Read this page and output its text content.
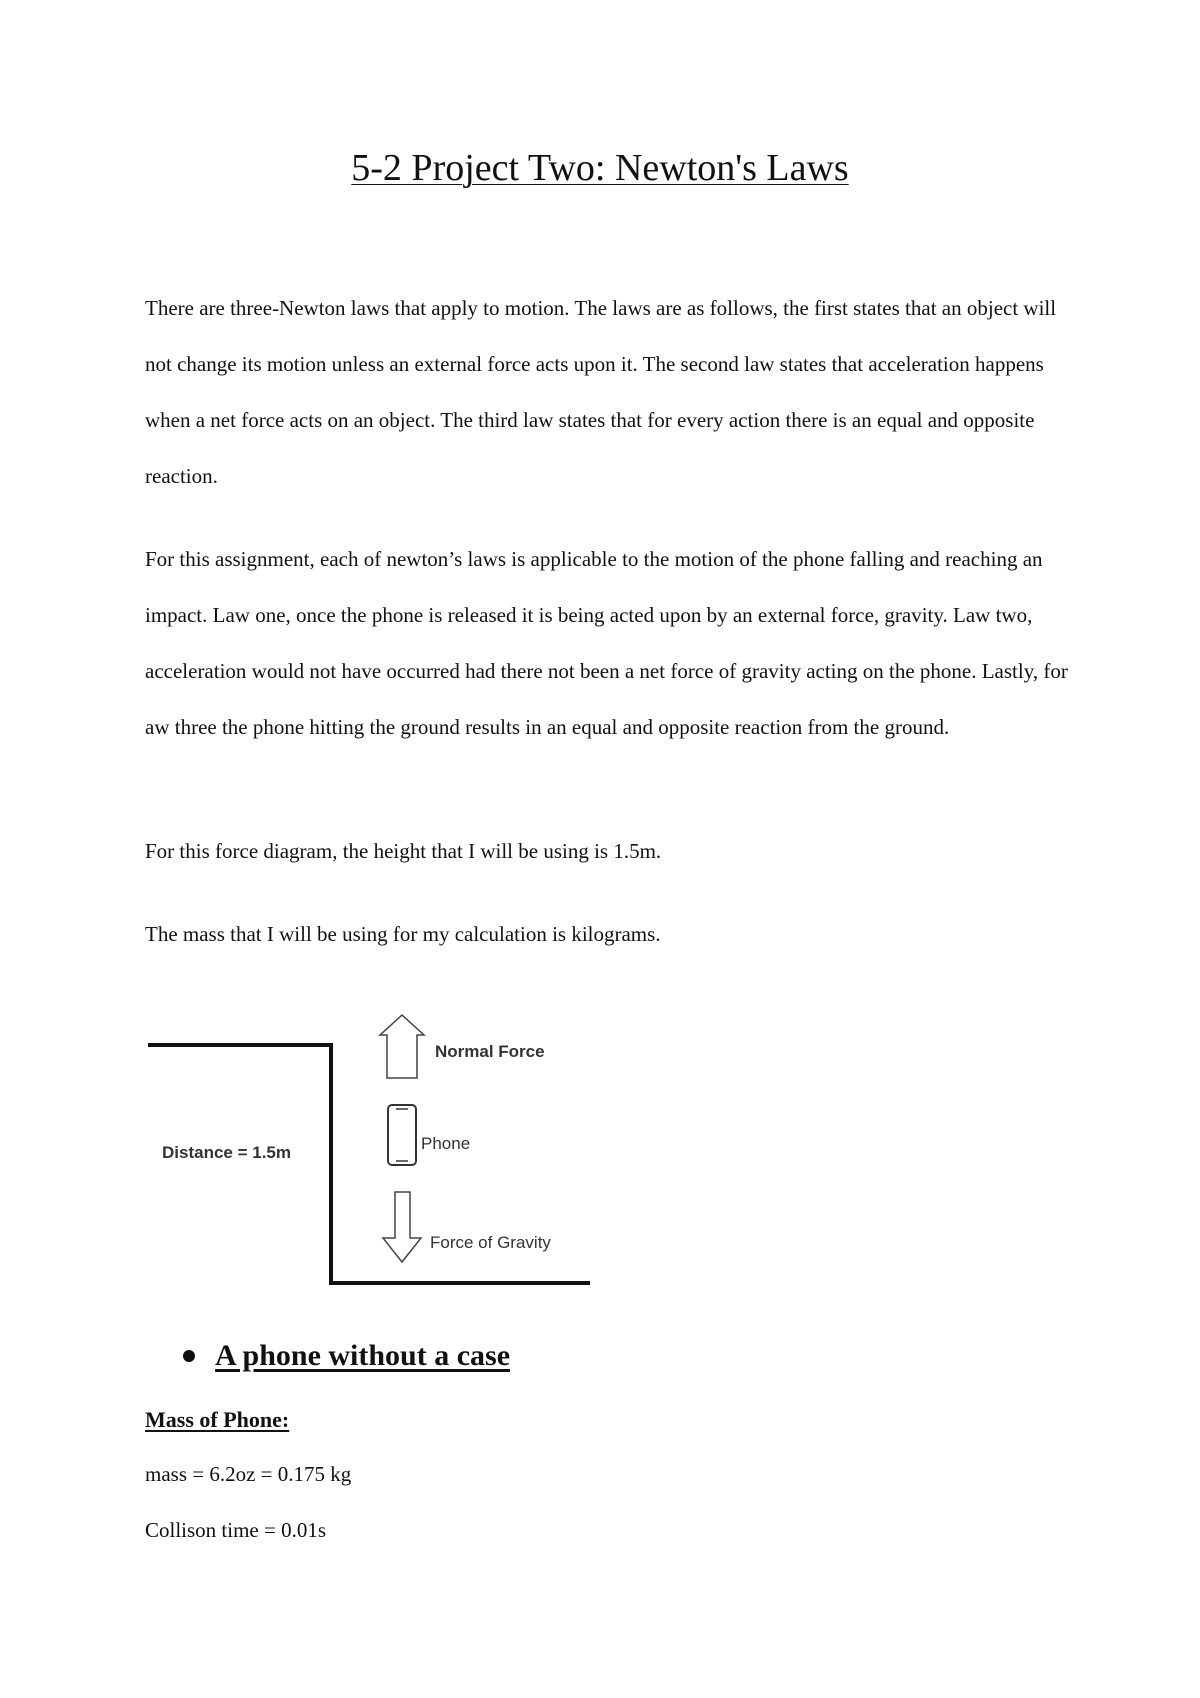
5-2 Project Two: Newton's Laws

There are three-Newton laws that apply to motion. The laws are as follows, the first states that an object will not change its motion unless an external force acts upon it. The second law states that acceleration happens when a net force acts on an object. The third law states that for every action there is an equal and opposite reaction.

For this assignment, each of newton’s laws is applicable to the motion of the phone falling and reaching an impact. Law one, once the phone is released it is being acted upon by an external force, gravity. Law two, acceleration would not have occurred had there not been a net force of gravity acting on the phone. Lastly, for aw three the phone hitting the ground results in an equal and opposite reaction from the ground.

For this force diagram, the height that I will be using is 1.5m.

The mass that I will be using for my calculation is kilograms.

Normal Force
Phone
Distance = 1.5m
Force of Gravity
A phone without a case
Mass of Phone:

mass = 6.2oz = 0.175 kg

Collison time = 0.01s
